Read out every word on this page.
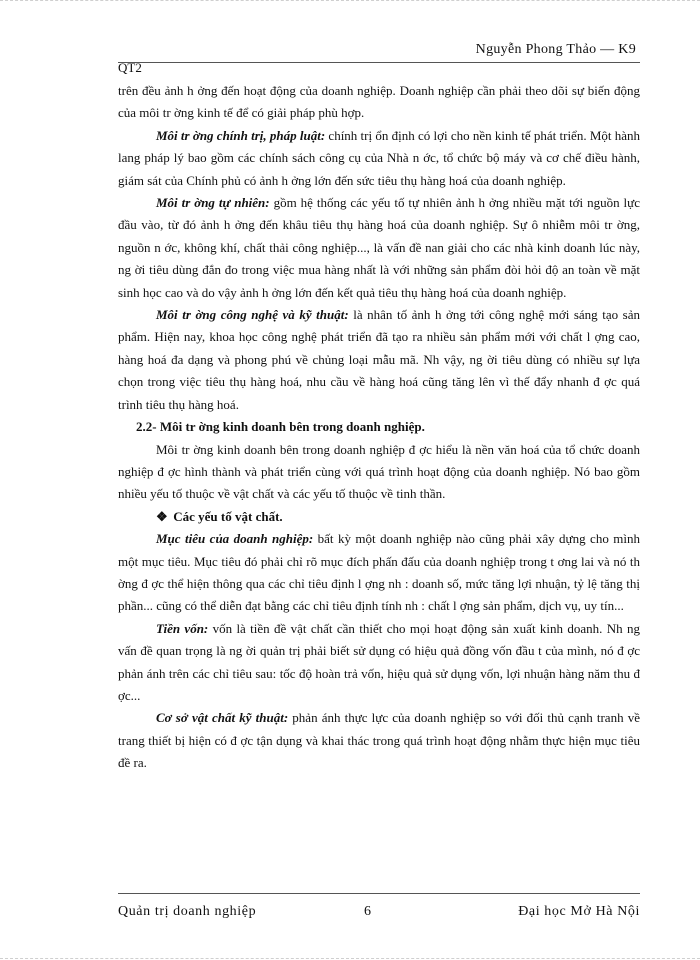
Nguyễn Phong Thảo — K9
QT2

trên đều ảnh h ởng đến hoạt động của doanh nghiệp. Doanh nghiệp cần phải theo dõi sự biến động của môi tr ờng kinh tế để có giải pháp phù hợp.

Môi tr ờng chính trị, pháp luật: chính trị ổn định có lợi cho nền kinh tế phát triển. Một hành lang pháp lý bao gồm các chính sách công cụ của Nhà n ớc, tổ chức bộ máy và cơ chế điều hành, giám sát của Chính phủ có ảnh h ởng lớn đến sức tiêu thụ hàng hoá của doanh nghiệp.

Môi tr ờng tự nhiên: gồm hệ thống các yếu tố tự nhiên ảnh h ởng nhiều mặt tới nguồn lực đầu vào, từ đó ảnh h ởng đến khâu tiêu thụ hàng hoá của doanh nghiệp. Sự ô nhiễm môi tr ờng, nguồn n ớc, không khí, chất thải công nghiệp..., là vấn đề nan giải cho các nhà kinh doanh lúc này, ng ời tiêu dùng đắn đo trong việc mua hàng nhất là với những sản phẩm đòi hỏi độ an toàn về mặt sinh học cao và do vậy ảnh h ởng lớn đến kết quả tiêu thụ hàng hoá của doanh nghiệp.

Môi tr ờng công nghệ và kỹ thuật: là nhân tố ảnh h ởng tới công nghệ mới sáng tạo sản phẩm. Hiện nay, khoa học công nghệ phát triển đã tạo ra nhiều sản phẩm mới với chất l ợng cao, hàng hoá đa dạng và phong phú về chủng loại mẫu mã. Nh vậy, ng ời tiêu dùng có nhiều sự lựa chọn trong việc tiêu thụ hàng hoá, nhu cầu về hàng hoá cũng tăng lên vì thế đẩy nhanh đ ợc quá trình tiêu thụ hàng hoá.

2.2- Môi tr ờng kinh doanh bên trong doanh nghiệp.

Môi tr ờng kinh doanh bên trong doanh nghiệp đ ợc hiểu là nền văn hoá của tổ chức doanh nghiệp đ ợc hình thành và phát triển cùng với quá trình hoạt động của doanh nghiệp. Nó bao gồm nhiều yếu tố thuộc về vật chất và các yếu tố thuộc về tinh thần.

❖ Các yếu tố vật chất.

Mục tiêu của doanh nghiệp: bất kỳ một doanh nghiệp nào cũng phải xây dựng cho mình một mục tiêu. Mục tiêu đó phải chỉ rõ mục đích phấn đấu của doanh nghiệp trong t ơng lai và nó th ờng đ ợc thể hiện thông qua các chỉ tiêu định l ợng nh : doanh số, mức tăng lợi nhuận, tỷ lệ tăng thị phần... cũng có thể diễn đạt bằng các chỉ tiêu định tính nh : chất l ợng sản phẩm, dịch vụ, uy tín...

Tiền vốn: vốn là tiền đề vật chất cần thiết cho mọi hoạt động sản xuất kinh doanh. Nh ng vấn đề quan trọng là ng ời quản trị phải biết sử dụng có hiệu quả đồng vốn đầu t của mình, nó đ ợc phản ánh trên các chỉ tiêu sau: tốc độ hoàn trả vốn, hiệu quả sử dụng vốn, lợi nhuận hàng năm thu đ ợc...

Cơ sở vật chất kỹ thuật: phản ánh thực lực của doanh nghiệp so với đối thủ cạnh tranh về trang thiết bị hiện có đ ợc tận dụng và khai thác trong quá trình hoạt động nhằm thực hiện mục tiêu đề ra.

Quản trị doanh nghiệp	6	Đại học Mở Hà Nội
